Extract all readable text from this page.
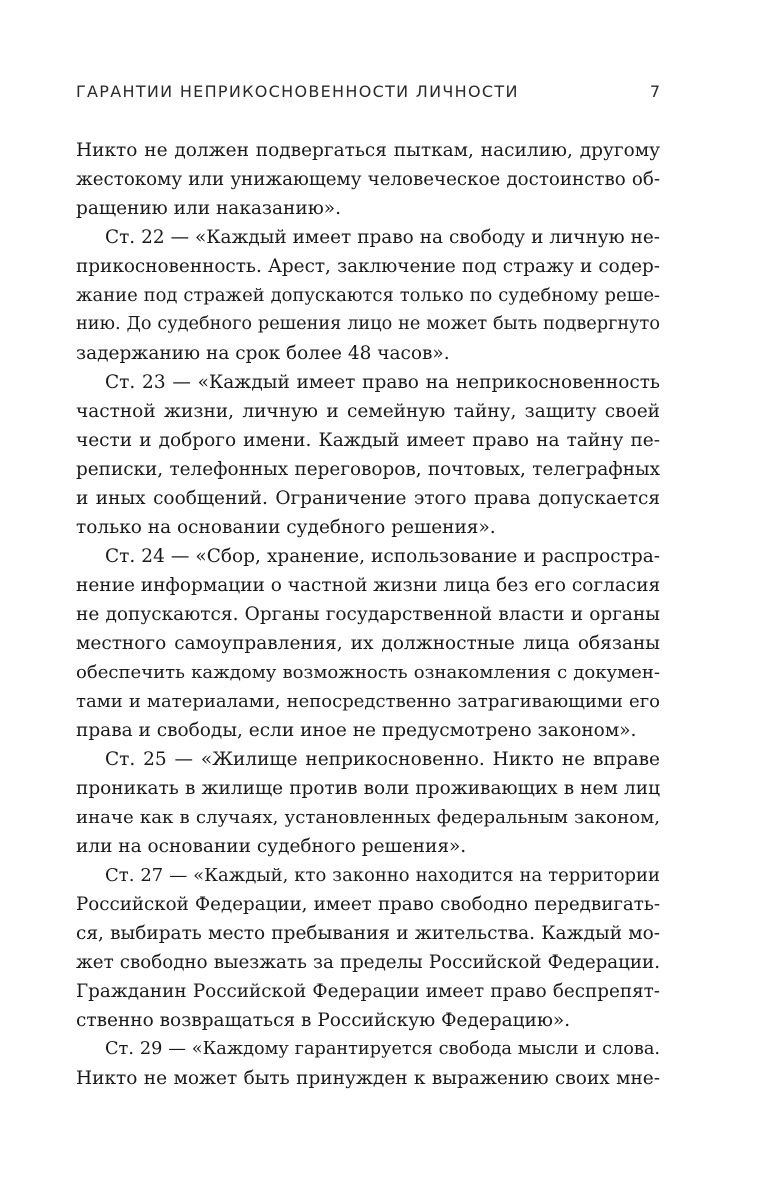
ГАРАНТИИ НЕПРИКОСНОВЕННОСТИ ЛИЧНОСТИ	7
Никто не должен подвергаться пыткам, насилию, другому
жестокому или унижающему человеческое достоинство об-
ращению или наказанию».
Ст. 22 — «Каждый имеет право на свободу и личную не-
прикосновенность. Арест, заключение под стражу и содер-
жание под стражей допускаются только по судебному реше-
нию. До судебного решения лицо не может быть подвергнуто
задержанию на срок более 48 часов».
Ст. 23 — «Каждый имеет право на неприкосновенность
частной жизни, личную и семейную тайну, защиту своей
чести и доброго имени. Каждый имеет право на тайну пе-
реписки, телефонных переговоров, почтовых, телеграфных
и иных сообщений. Ограничение этого права допускается
только на основании судебного решения».
Ст. 24 — «Сбор, хранение, использование и распростра-
нение информации о частной жизни лица без его согласия
не допускаются. Органы государственной власти и органы
местного самоуправления, их должностные лица обязаны
обеспечить каждому возможность ознакомления с докумен-
тами и материалами, непосредственно затрагивающими его
права и свободы, если иное не предусмотрено законом».
Ст. 25 — «Жилище неприкосновенно. Никто не вправе
проникать в жилище против воли проживающих в нем лиц
иначе как в случаях, установленных федеральным законом,
или на основании судебного решения».
Ст. 27 — «Каждый, кто законно находится на территории
Российской Федерации, имеет право свободно передвигать-
ся, выбирать место пребывания и жительства. Каждый мо-
жет свободно выезжать за пределы Российской Федерации.
Гражданин Российской Федерации имеет право беспрепят-
ственно возвращаться в Российскую Федерацию».
Ст. 29 — «Каждому гарантируется свобода мысли и слова.
Никто не может быть принужден к выражению своих мне-
